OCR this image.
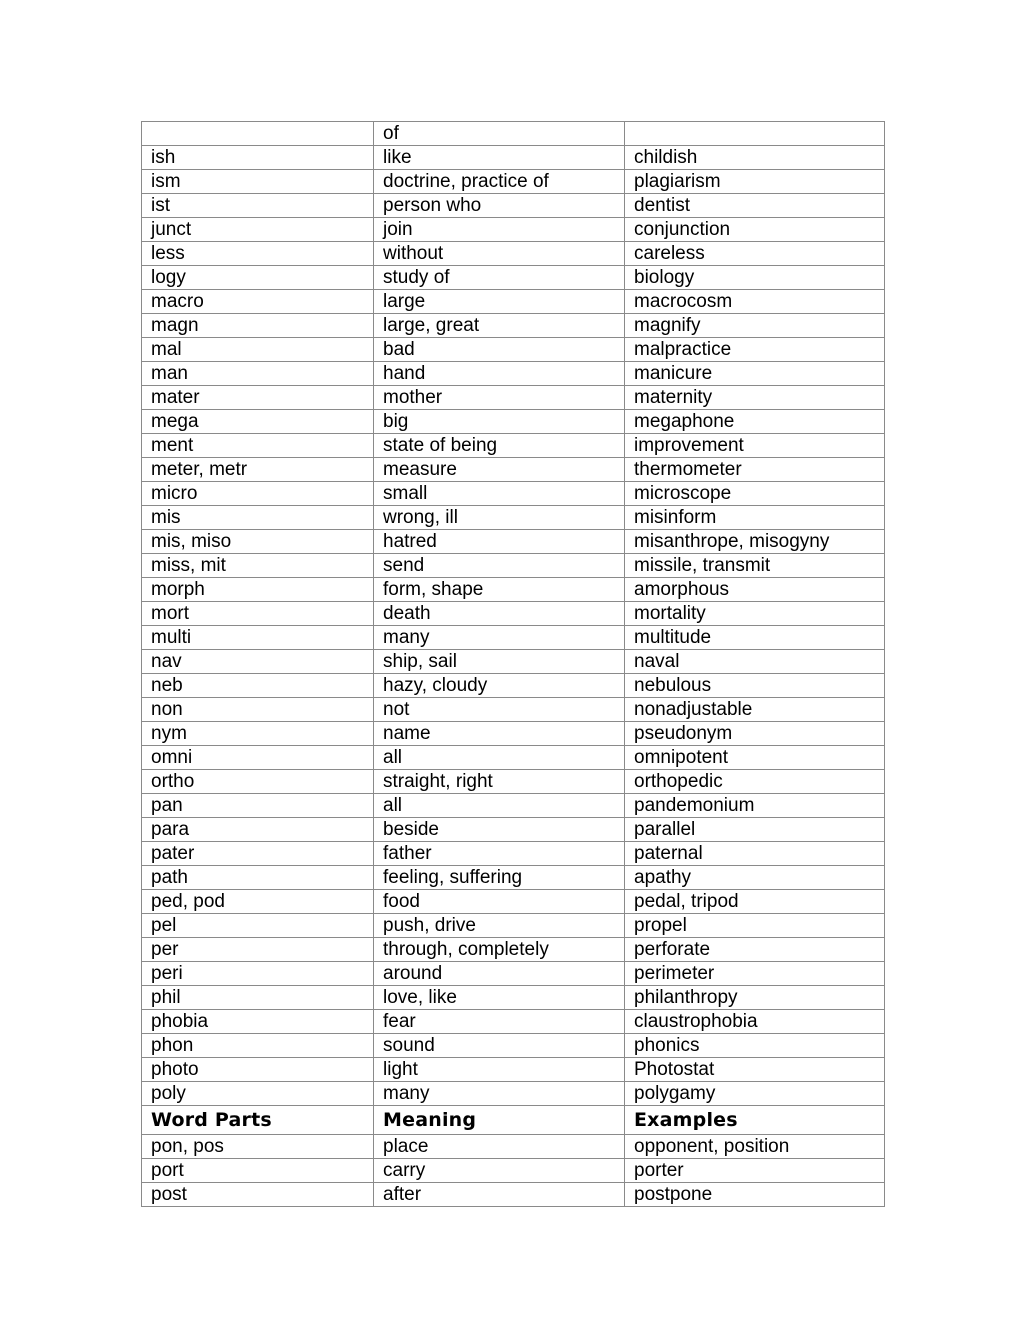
	of	
ish	like	childish
ism	doctrine, practice of	plagiarism
ist	person who	dentist
junct	join	conjunction
less	without	careless
logy	study of	biology
macro	large	macrocosm
magn	large, great	magnify
mal	bad	malpractice
man	hand	manicure
mater	mother	maternity
mega	big	megaphone
ment	state of being	improvement
meter, metr	measure	thermometer
micro	small	microscope
mis	wrong, ill	misinform
mis, miso	hatred	misanthrope, misogyny
miss, mit	send	missile, transmit
morph	form, shape	amorphous
mort	death	mortality
multi	many	multitude
nav	ship, sail	naval
neb	hazy, cloudy	nebulous
non	not	nonadjustable
nym	name	pseudonym
omni	all	omnipotent
ortho	straight, right	orthopedic
pan	all	pandemonium
para	beside	parallel
pater	father	paternal
path	feeling, suffering	apathy
ped, pod	food	pedal, tripod
pel	push, drive	propel
per	through, completely	perforate
peri	around	perimeter
phil	love, like	philanthropy
phobia	fear	claustrophobia
phon	sound	phonics
photo	light	Photostat
poly	many	polygamy
Word Parts	Meaning	Examples
pon, pos	place	opponent, position
port	carry	porter
post	after	postpone
